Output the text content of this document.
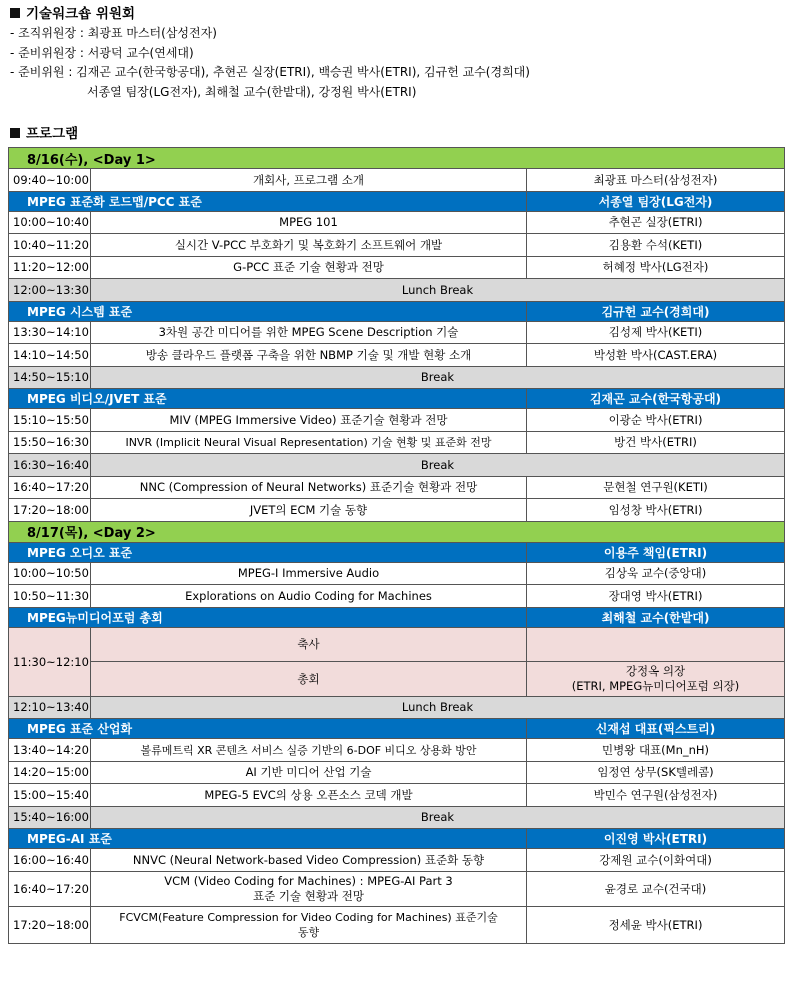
기술워크숍 위원회
- 조직위원장 : 최광표 마스터(삼성전자)
- 준비위원장 : 서광덕 교수(연세대)
- 준비위원 : 김재곤 교수(한국항공대), 추현곤 실장(ETRI), 백승권 박사(ETRI), 김규헌 교수(경희대)
서종열 팀장(LG전자), 최해철 교수(한밭대), 강정원 박사(ETRI)
프로그램
8/16(수), <Day 1>		
09:40~10:00	개회사, 프로그램 소개	최광표 마스터(삼성전자)
MPEG 표준화 로드맵/PCC 표준		서종열 팀장(LG전자)
10:00~10:40	MPEG 101	추현곤 실장(ETRI)
10:40~11:20	실시간 V-PCC 부호화기 및 복호화기 소프트웨어 개발	김용환 수석(KETI)
11:20~12:00	G-PCC 표준 기술 현황과 전망	허혜정 박사(LG전자)
12:00~13:30	Lunch Break	
MPEG 시스템 표준		김규헌 교수(경희대)
13:30~14:10	3차원 공간 미디어를 위한 MPEG Scene Description 기술	김성제 박사(KETI)
14:10~14:50	방송 클라우드 플랫폼 구축을 위한 NBMP 기술 및 개발 현황 소개	박성환 박사(CAST.ERA)
14:50~15:10	Break	
MPEG 비디오/JVET 표준		김재곤 교수(한국항공대)
15:10~15:50	MIV (MPEG Immersive Video) 표준기술 현황과 전망	이광순 박사(ETRI)
15:50~16:30	INVR (Implicit Neural Visual Representation) 기술 현황 및 표준화 전망	방건 박사(ETRI)
16:30~16:40	Break	
16:40~17:20	NNC (Compression of Neural Networks) 표준기술 현황과 전망	문현철 연구원(KETI)
17:20~18:00	JVET의 ECM 기술 동향	임성창 박사(ETRI)
8/17(목), <Day 2>		
MPEG 오디오 표준		이용주 책임(ETRI)
10:00~10:50	MPEG-I Immersive Audio	김상욱 교수(중앙대)
10:50~11:30	Explorations on Audio Coding for Machines	장대영 박사(ETRI)
MPEG뉴미디어포럼 총회		최해철 교수(한밭대)
11:30~12:10	축사	
	총회	강정옥 의장
(ETRI, MPEG뉴미디어포럼 의장)

12:10~13:40	Lunch Break	
MPEG 표준 산업화		신재섭 대표(픽스트리)
13:40~14:20	볼류메트릭 XR 콘텐츠 서비스 실증 기반의 6-DOF 비디오 상용화 방안	민병왕 대표(Mn_nH)
14:20~15:00	AI 기반 미디어 산업 기술	임정연 상무(SK텔레콤)
15:00~15:40	MPEG-5 EVC의 상용 오픈소스 코덱 개발	박민수 연구원(삼성전자)
15:40~16:00	Break	
MPEG-AI 표준		이진영 박사(ETRI)
16:00~16:40	NNVC (Neural Network-based Video Compression) 표준화 동향	강제원 교수(이화여대)
16:40~17:20	VCM (Video Coding for Machines) : MPEG-AI Part 3
표준 기술 현황과 전망	윤경로 교수(건국대)
17:20~18:00	FCVCM(Feature Compression for Video Coding for Machines) 표준기술
동향	정세윤 박사(ETRI)
